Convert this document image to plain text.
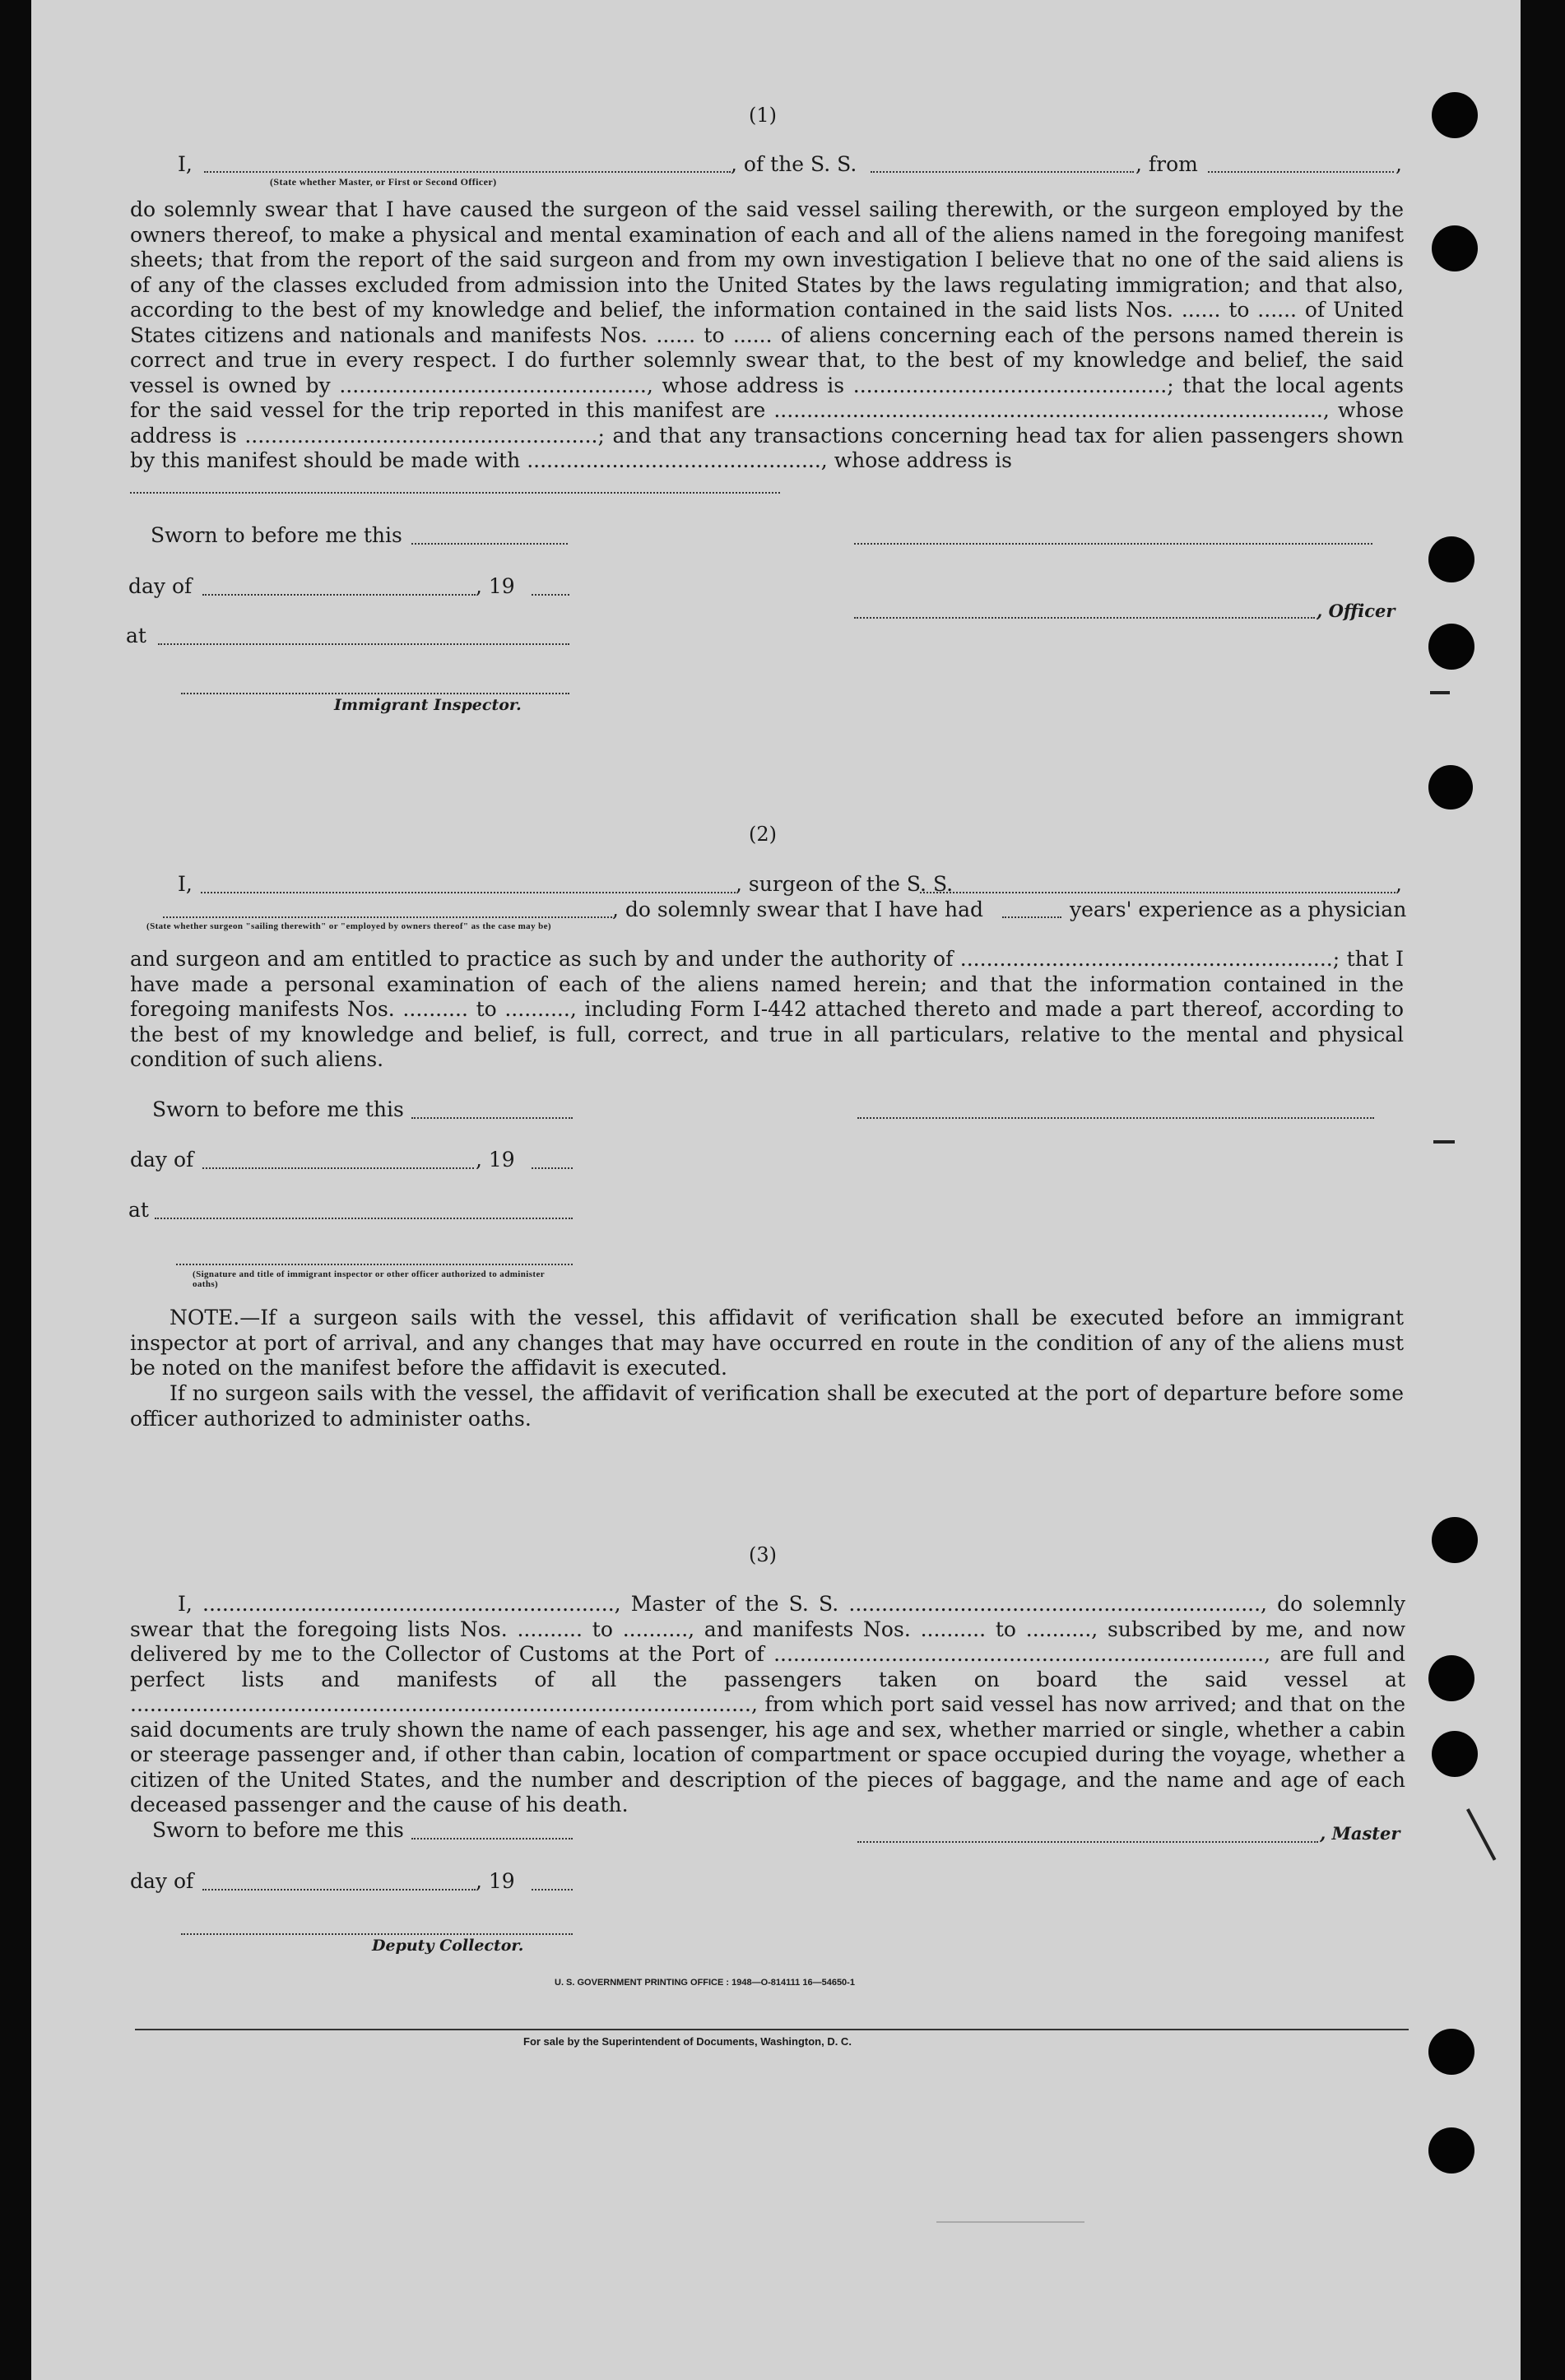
(1)
I,	, of the S. S.	, from	,
(State whether Master, or First or Second Officer)
do solemnly swear that I have caused the surgeon of the said vessel sailing therewith, or the surgeon employed by the owners thereof, to make a physical and mental examination of each and all of the aliens named in the foregoing manifest sheets; that from the report of the said surgeon and from my own investigation I believe that no one of the said aliens is of any of the classes excluded from admission into the United States by the laws regulating immigration; and that also, according to the best of my knowledge and belief, the information contained in the said lists Nos. ...... to ...... of United States citizens and nationals and manifests Nos. ...... to ...... of aliens concerning each of the persons named therein is correct and true in every respect. I do further solemnly swear that, to the best of my knowledge and belief, the said vessel is owned by ..............................................., whose address is ................................................; that the local agents for the said vessel for the trip reported in this manifest are ...................................................................................., whose address is ......................................................; and that any transactions concerning head tax for alien passengers shown by this manifest should be made with ............................................., whose address is
Sworn to before me this
day of	, 19
at
, Officer
Immigrant Inspector.
(2)
I,	, surgeon of the S. S.	,
, do solemnly swear that I have had	years' experience as a physician
(State whether surgeon "sailing therewith" or "employed by owners thereof" as the case may be)
and surgeon and am entitled to practice as such by and under the authority of .........................................................; that I have made a personal examination of each of the aliens named herein; and that the information contained in the foregoing manifests Nos. .......... to .........., including Form I-442 attached thereto and made a part thereof, according to the best of my knowledge and belief, is full, correct, and true in all particulars, relative to the mental and physical condition of such aliens.
Sworn to before me this
day of	, 19
at
(Signature and title of immigrant inspector or other officer authorized to administer oaths)
NOTE.—If a surgeon sails with the vessel, this affidavit of verification shall be executed before an immigrant inspector at port of arrival, and any changes that may have occurred en route in the condition of any of the aliens must be noted on the manifest before the affidavit is executed.
If no surgeon sails with the vessel, the affidavit of verification shall be executed at the port of departure before some officer authorized to administer oaths.
(3)
I, ..............................................................., Master of the S. S. ..............................................................., do solemnly swear that the foregoing lists Nos. .......... to .........., and manifests Nos. .......... to .........., subscribed by me, and now delivered by me to the Collector of Customs at the Port of ..........................................................................., are full and perfect lists and manifests of all the passengers taken on board the said vessel at ..............................................................................................., from which port said vessel has now arrived; and that on the said documents are truly shown the name of each passenger, his age and sex, whether married or single, whether a cabin or steerage passenger and, if other than cabin, location of compartment or space occupied during the voyage, whether a citizen of the United States, and the number and description of the pieces of baggage, and the name and age of each deceased passenger and the cause of his death.
Sworn to before me this	, Master
day of	, 19
Deputy Collector.
U. S. GOVERNMENT PRINTING OFFICE : 1948—O-814111 16—54650-1
For sale by the Superintendent of Documents, Washington, D. C.
